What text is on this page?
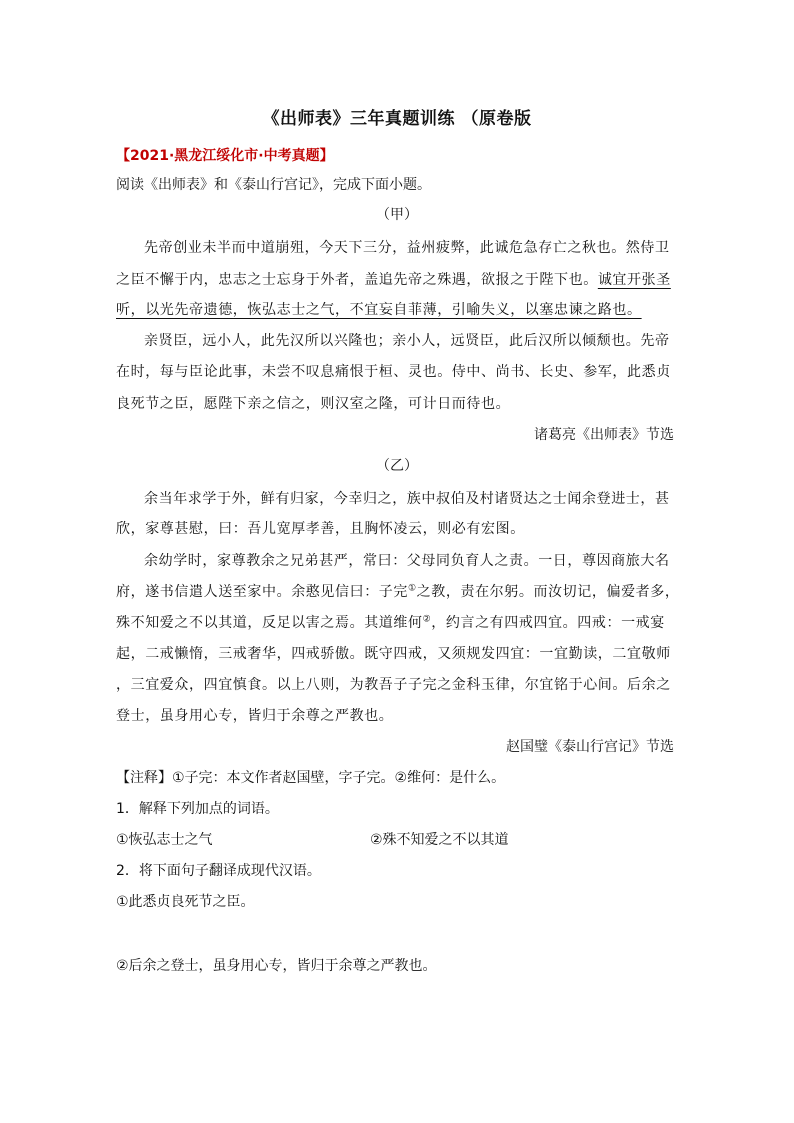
《出师表》三年真题训练 （原卷版
【2021·黑龙江绥化市·中考真题】
阅读《出师表》和《泰山行宫记》，完成下面小题。
（甲）
先帝创业未半而中道崩殂，今天下三分，益州疲弊，此诚危急存亡之秋也。然侍卫
之臣不懈于内，忠志之士忘身于外者，盖追先帝之殊遇，欲报之于陛下也。诚宜开张圣
听，以光先帝遗德，恢弘志士之气，不宜妄自菲薄，引喻失义，以塞忠谏之路也。
亲贤臣，远小人，此先汉所以兴隆也；亲小人，远贤臣，此后汉所以倾颓也。先帝
在时，每与臣论此事，未尝不叹息痛恨于桓、灵也。侍中、尚书、长史、参军，此悉贞
良死节之臣，愿陛下亲之信之，则汉室之隆，可计日而待也。
诸葛亮《出师表》节选
（乙）
余当年求学于外，鲜有归家，今幸归之，族中叔伯及村诸贤达之士闻余登进士，甚
欣，家尊甚慰，曰：吾儿宽厚孝善，且胸怀凌云，则必有宏图。
余幼学时，家尊教余之兄弟甚严，常曰：父母同负育人之责。一日，尊因商旅大名
府，遂书信遣人送至家中。余憨见信曰：子完①之教，责在尔躬。而汝切记，偏爱者多，
殊不知爱之不以其道，反足以害之焉。其道维何②，约言之有四戒四宜。四戒：一戒宴
起，二戒懒惰，三戒奢华，四戒骄傲。既守四戒，又须规发四宜：一宜勤读，二宜敬师
，三宜爱众，四宜慎食。以上八则，为教吾子子完之金科玉律，尔宜铭于心间。后余之
登士，虽身用心专，皆归于余尊之严教也。
赵国璧《泰山行宫记》节选
【注释】①子完：本文作者赵国壁，字子完。②维何：是什么。
1．解释下列加点的词语。
①恢弘志士之气	②殊不知爱之不以其道
2．将下面句子翻译成现代汉语。
①此悉贞良死节之臣。
②后余之登士，虽身用心专，皆归于余尊之严教也。
